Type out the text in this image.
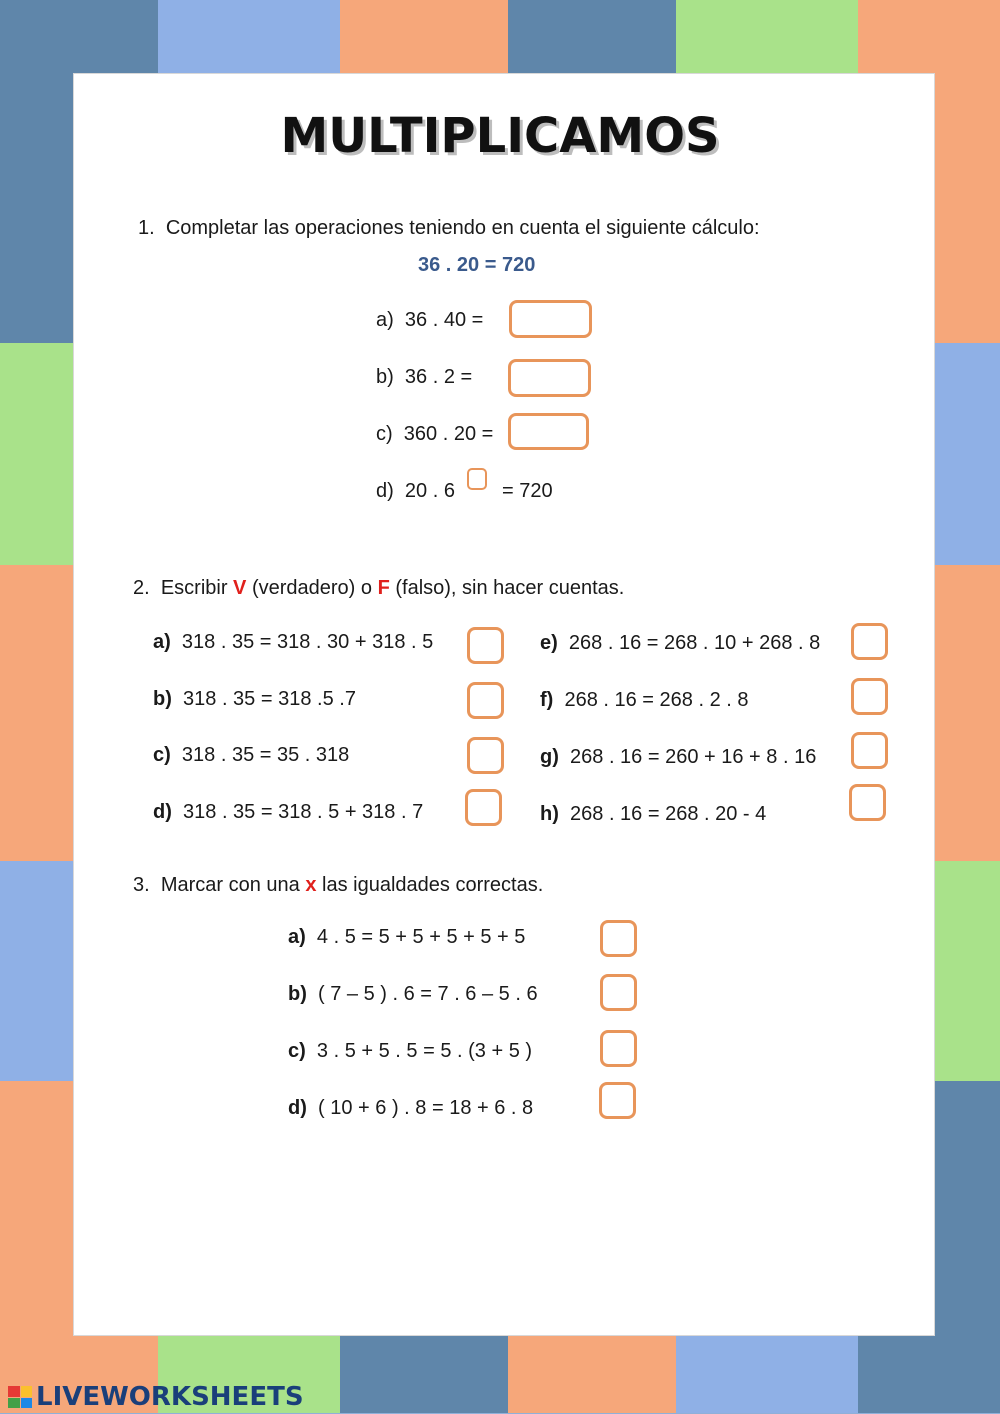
MULTIPLICAMOS
1. Completar las operaciones teniendo en cuenta el siguiente cálculo:
36 . 20 = 720
a) 36 . 40 =
b) 36 . 2 =
c) 360 . 20 =
d) 20 . 6 = 720
2. Escribir V (verdadero) o F (falso), sin hacer cuentas.
a) 318 . 35 = 318 . 30 + 318 . 5
b) 318 . 35 = 318 .5 .7
c) 318 . 35 = 35 . 318
d) 318 . 35 = 318 . 5 + 318 . 7
e) 268 . 16 = 268 . 10 + 268 . 8
f) 268 . 16 = 268 . 2 . 8
g) 268 . 16 = 260 + 16 + 8 . 16
h) 268 . 16 = 268 . 20 - 4
3. Marcar con una x las igualdades correctas.
a) 4 . 5 = 5 + 5 + 5 + 5 + 5
b) ( 7 – 5 ) . 6 = 7 . 6 – 5 . 6
c) 3 . 5 + 5 . 5 = 5 . (3 + 5 )
d) ( 10 + 6 ) . 8 = 18 + 6 . 8
LIVEWORKSHEETS
